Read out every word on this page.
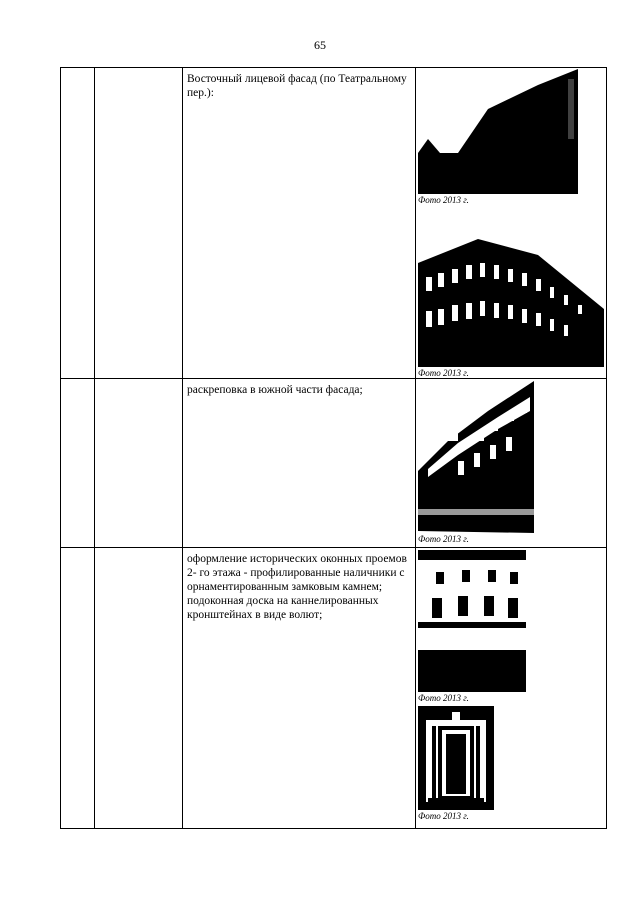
65

		Восточный лицевой фасад (по Театральному пер.):	Фото 2013 г.
Фото 2013 г.

		раскреповка в южной части фасада;	Фото 2013 г.

		оформление исторических оконных проемов 2- го этажа - профилированные наличники с орнаментированным замковым камнем; подоконная доска на каннелированных кронштейнах в виде волют;	Фото 2013 г.
Фото 2013 г.
